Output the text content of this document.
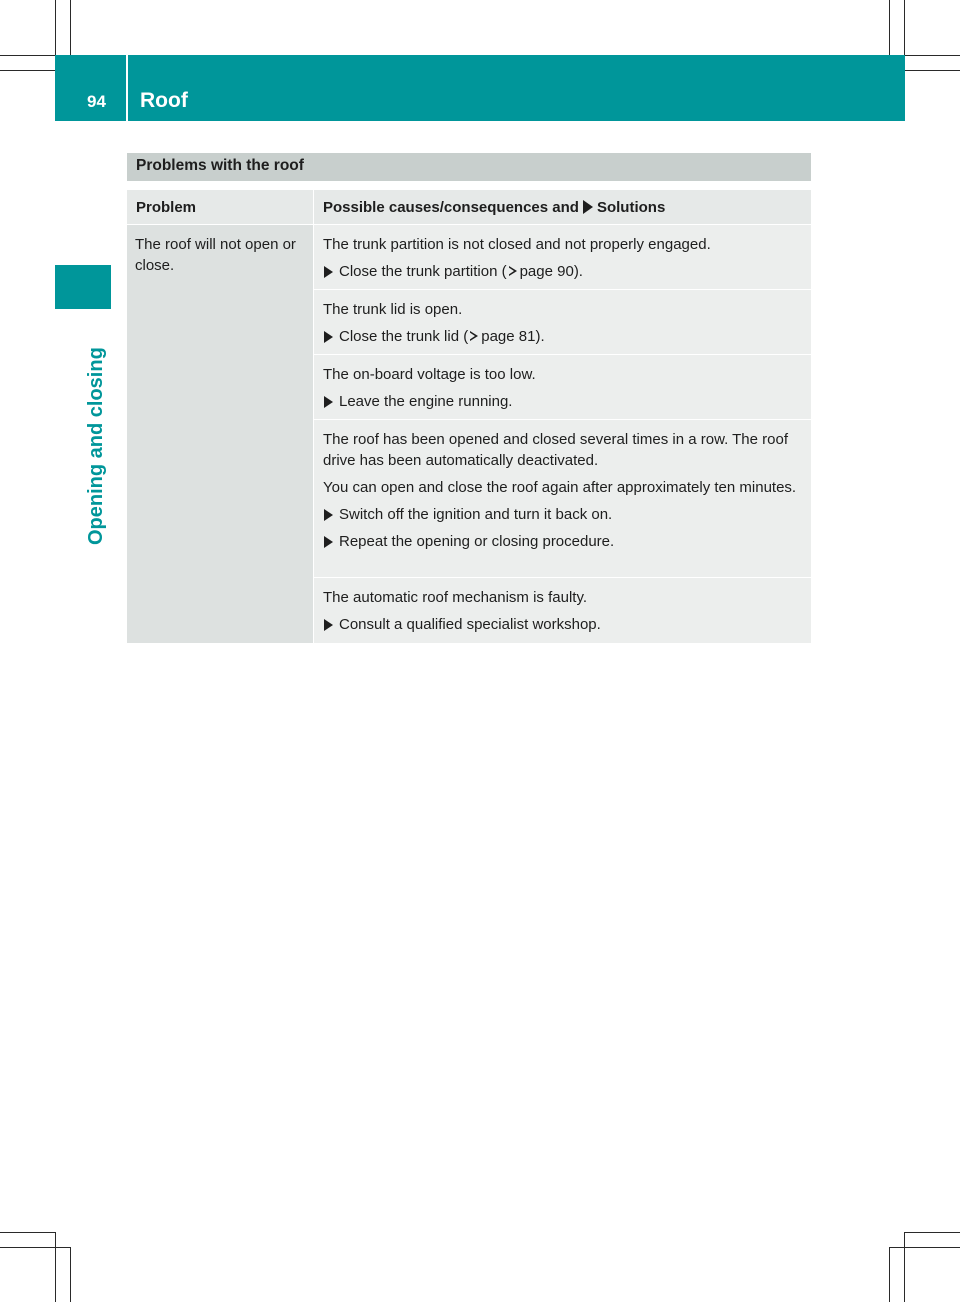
94 Roof
Opening and closing
Problems with the roof
Problem	Possible causes/consequences and Solutions
The roof will not open or close.

The trunk partition is not closed and not properly engaged.

Close the trunk partition ( page 90).

The trunk lid is open.

Close the trunk lid ( page 81).

The on-board voltage is too low.

Leave the engine running.

The roof has been opened and closed several times in a row. The roof drive has been automatically deactivated.

You can open and close the roof again after approximately ten minutes.

Switch off the ignition and turn it back on.
Repeat the opening or closing procedure.

The automatic roof mechanism is faulty.

Consult a qualified specialist workshop.
